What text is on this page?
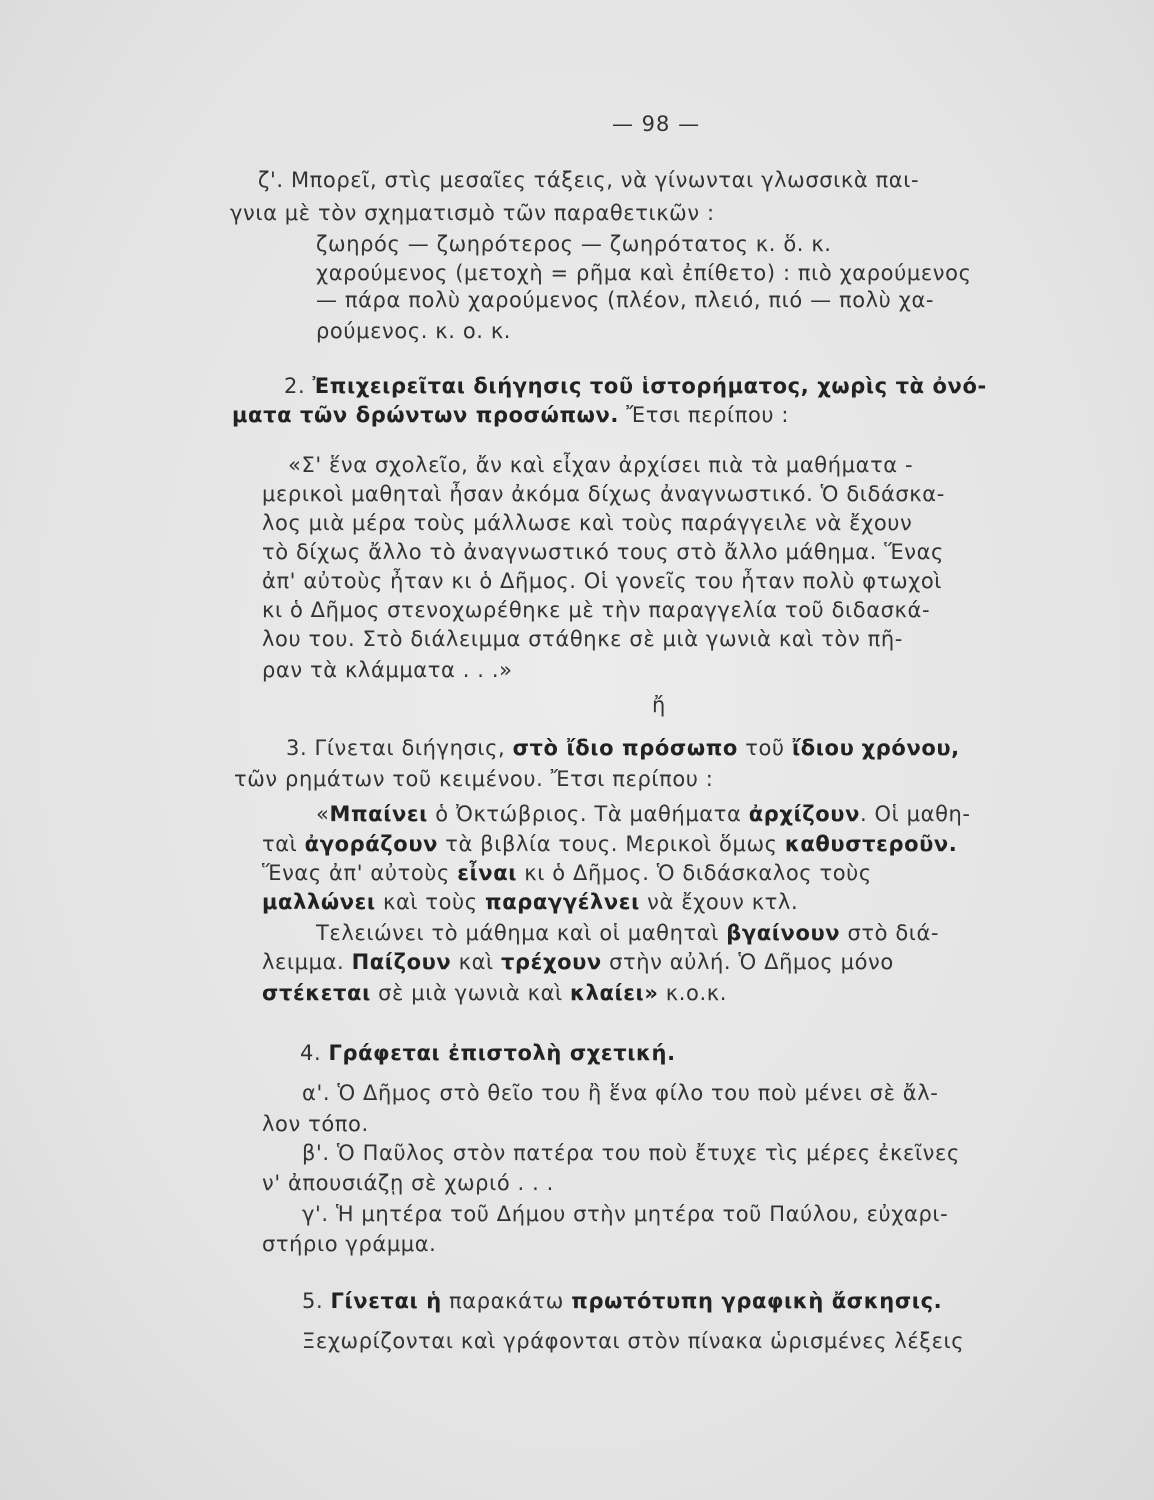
— 98 —
ζ'. Μπορεῖ, στὶς μεσαῖες τάξεις, νὰ γίνωνται γλωσσικὰ παι-
γνια μὲ τὸν σχηματισμὸ τῶν παραθετικῶν :
ζωηρός — ζωηρότερος — ζωηρότατος κ. ὅ. κ.
χαρούμενος (μετοχὴ = ρῆμα καὶ ἐπίθετο) : πιὸ χαρούμενος
— πάρα πολὺ χαρούμενος (πλέον, πλειό, πιό — πολὺ χα-
ρούμενος. κ. ο. κ.
2. Ἐπιχειρεῖται διήγησις τοῦ ἱστορήματος, χωρὶς τὰ ὀνό-
ματα τῶν δρώντων προσώπων. Ἔτσι περίπου :
«Σ' ἕνα σχολεῖο, ἄν καὶ εἶχαν ἀρχίσει πιὰ τὰ μαθήματα -
μερικοὶ μαθηταὶ ἦσαν ἀκόμα δίχως ἀναγνωστικό. Ὁ διδάσκα-
λος μιὰ μέρα τοὺς μάλλωσε καὶ τοὺς παράγγειλε νὰ ἔχουν
τὸ δίχως ἄλλο τὸ ἀναγνωστικό τους στὸ ἄλλο μάθημα. Ἕνας
ἀπ' αὐτοὺς ἦταν κι ὁ Δῆμος. Οἱ γονεῖς του ἦταν πολὺ φτωχοὶ
κι ὁ Δῆμος στενοχωρέθηκε μὲ τὴν παραγγελία τοῦ διδασκά-
λου του. Στὸ διάλειμμα στάθηκε σὲ μιὰ γωνιὰ καὶ τὸν πῆ-
ραν τὰ κλάμματα . . .»
ἤ
3. Γίνεται διήγησις, στὸ ἴδιο πρόσωπο τοῦ ἴδιου χρόνου,
τῶν ρημάτων τοῦ κειμένου. Ἔτσι περίπου :
«Μπαίνει ὁ Ὀκτώβριος. Τὰ μαθήματα ἀρχίζουν. Οἱ μαθη-
ταὶ ἀγοράζουν τὰ βιβλία τους. Μερικοὶ ὅμως καθυστεροῦν.
Ἕνας ἀπ' αὐτοὺς εἶναι κι ὁ Δῆμος. Ὁ διδάσκαλος τοὺς
μαλλώνει καὶ τοὺς παραγγέλνει νὰ ἔχουν κτλ.
Τελειώνει τὸ μάθημα καὶ οἱ μαθηταὶ βγαίνουν στὸ διά-
λειμμα. Παίζουν καὶ τρέχουν στὴν αὐλή. Ὁ Δῆμος μόνο
στέκεται σὲ μιὰ γωνιὰ καὶ κλαίει» κ.ο.κ.
4. Γράφεται ἐπιστολὴ σχετική.
α'. Ὁ Δῆμος στὸ θεῖο του ἢ ἕνα φίλο του ποὺ μένει σὲ ἄλ-
λον τόπο.
β'. Ὁ Παῦλος στὸν πατέρα του ποὺ ἔτυχε τὶς μέρες ἐκεῖνες
ν' ἀπουσιάζῃ σὲ χωριό . . .
γ'. Ἡ μητέρα τοῦ Δήμου στὴν μητέρα τοῦ Παύλου, εὐχαρι-
στήριο γράμμα.
5. Γίνεται ἡ παρακάτω πρωτότυπη γραφικὴ ἄσκησις.
Ξεχωρίζονται καὶ γράφονται στὸν πίνακα ὡρισμένες λέξεις
